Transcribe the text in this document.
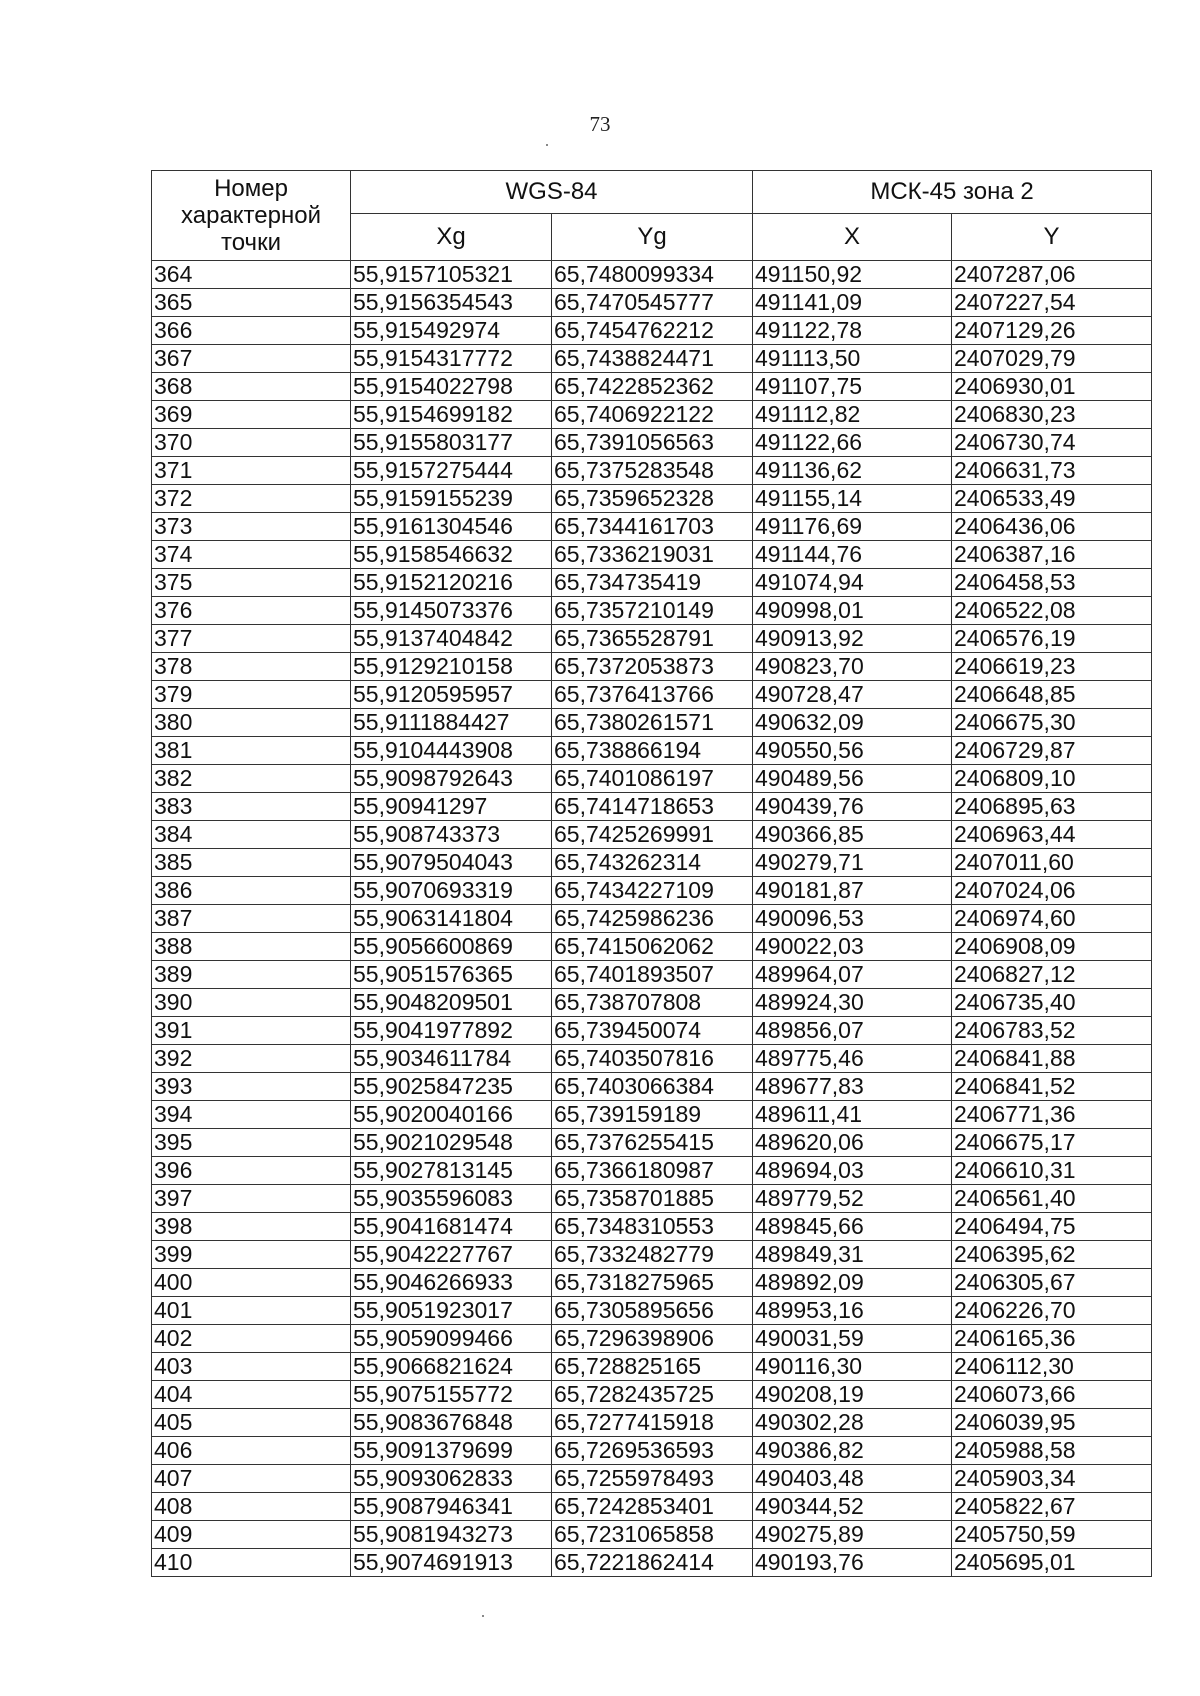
73
Номер характерной точки	WGS-84		МСК-45 зона 2	
	Xg	Yg	X	Y
364	55,9157105321	65,7480099334	491150,92	2407287,06
365	55,9156354543	65,7470545777	491141,09	2407227,54
366	55,915492974	65,7454762212	491122,78	2407129,26
367	55,9154317772	65,7438824471	491113,50	2407029,79
368	55,9154022798	65,7422852362	491107,75	2406930,01
369	55,9154699182	65,7406922122	491112,82	2406830,23
370	55,9155803177	65,7391056563	491122,66	2406730,74
371	55,9157275444	65,7375283548	491136,62	2406631,73
372	55,9159155239	65,7359652328	491155,14	2406533,49
373	55,9161304546	65,7344161703	491176,69	2406436,06
374	55,9158546632	65,7336219031	491144,76	2406387,16
375	55,9152120216	65,734735419	491074,94	2406458,53
376	55,9145073376	65,7357210149	490998,01	2406522,08
377	55,9137404842	65,7365528791	490913,92	2406576,19
378	55,9129210158	65,7372053873	490823,70	2406619,23
379	55,9120595957	65,7376413766	490728,47	2406648,85
380	55,9111884427	65,7380261571	490632,09	2406675,30
381	55,9104443908	65,738866194	490550,56	2406729,87
382	55,9098792643	65,7401086197	490489,56	2406809,10
383	55,90941297	65,7414718653	490439,76	2406895,63
384	55,908743373	65,7425269991	490366,85	2406963,44
385	55,9079504043	65,743262314	490279,71	2407011,60
386	55,9070693319	65,7434227109	490181,87	2407024,06
387	55,9063141804	65,7425986236	490096,53	2406974,60
388	55,9056600869	65,7415062062	490022,03	2406908,09
389	55,9051576365	65,7401893507	489964,07	2406827,12
390	55,9048209501	65,738707808	489924,30	2406735,40
391	55,9041977892	65,739450074	489856,07	2406783,52
392	55,9034611784	65,7403507816	489775,46	2406841,88
393	55,9025847235	65,7403066384	489677,83	2406841,52
394	55,9020040166	65,739159189	489611,41	2406771,36
395	55,9021029548	65,7376255415	489620,06	2406675,17
396	55,9027813145	65,7366180987	489694,03	2406610,31
397	55,9035596083	65,7358701885	489779,52	2406561,40
398	55,9041681474	65,7348310553	489845,66	2406494,75
399	55,9042227767	65,7332482779	489849,31	2406395,62
400	55,9046266933	65,7318275965	489892,09	2406305,67
401	55,9051923017	65,7305895656	489953,16	2406226,70
402	55,9059099466	65,7296398906	490031,59	2406165,36
403	55,9066821624	65,728825165	490116,30	2406112,30
404	55,9075155772	65,7282435725	490208,19	2406073,66
405	55,9083676848	65,7277415918	490302,28	2406039,95
406	55,9091379699	65,7269536593	490386,82	2405988,58
407	55,9093062833	65,7255978493	490403,48	2405903,34
408	55,9087946341	65,7242853401	490344,52	2405822,67
409	55,9081943273	65,7231065858	490275,89	2405750,59
410	55,9074691913	65,7221862414	490193,76	2405695,01
